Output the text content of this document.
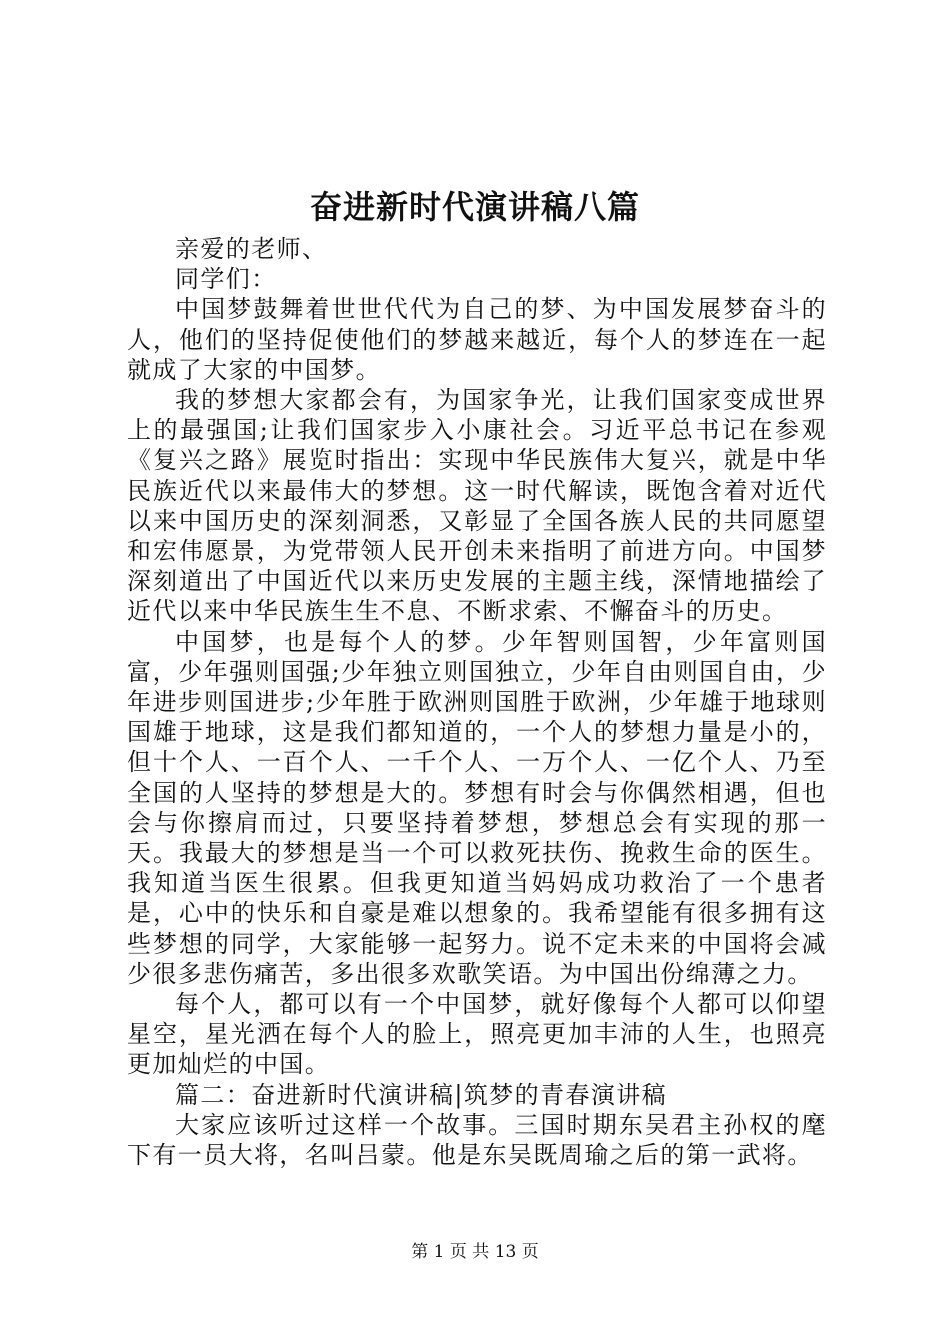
奋进新时代演讲稿八篇

亲爱的老师、

同学们：

中国梦鼓舞着世世代代为自己的梦、为中国发展梦奋斗的人，他们的坚持促使他们的梦越来越近，每个人的梦连在一起就成了大家的中国梦。

我的梦想大家都会有，为国家争光，让我们国家变成世界上的最强国;让我们国家步入小康社会。习近平总书记在参观《复兴之路》展览时指出：实现中华民族伟大复兴，就是中华民族近代以来最伟大的梦想。这一时代解读，既饱含着对近代以来中国历史的深刻洞悉，又彰显了全国各族人民的共同愿望和宏伟愿景，为党带领人民开创未来指明了前进方向。中国梦深刻道出了中国近代以来历史发展的主题主线，深情地描绘了近代以来中华民族生生不息、不断求索、不懈奋斗的历史。

中国梦，也是每个人的梦。少年智则国智，少年富则国富，少年强则国强;少年独立则国独立，少年自由则国自由，少年进步则国进步;少年胜于欧洲则国胜于欧洲，少年雄于地球则国雄于地球，这是我们都知道的，一个人的梦想力量是小的，但十个人、一百个人、一千个人、一万个人、一亿个人、乃至全国的人坚持的梦想是大的。梦想有时会与你偶然相遇，但也会与你擦肩而过，只要坚持着梦想，梦想总会有实现的那一天。我最大的梦想是当一个可以救死扶伤、挽救生命的医生。我知道当医生很累。但我更知道当妈妈成功救治了一个患者是，心中的快乐和自豪是难以想象的。我希望能有很多拥有这些梦想的同学，大家能够一起努力。说不定未来的中国将会减少很多悲伤痛苦，多出很多欢歌笑语。为中国出份绵薄之力。

每个人，都可以有一个中国梦，就好像每个人都可以仰望星空，星光洒在每个人的脸上，照亮更加丰沛的人生，也照亮更加灿烂的中国。

篇二：奋进新时代演讲稿|筑梦的青春演讲稿

大家应该听过这样一个故事。三国时期东吴君主孙权的麾下有一员大将，名叫吕蒙。他是东吴既周瑜之后的第一武将。

第 1 页 共 13 页
